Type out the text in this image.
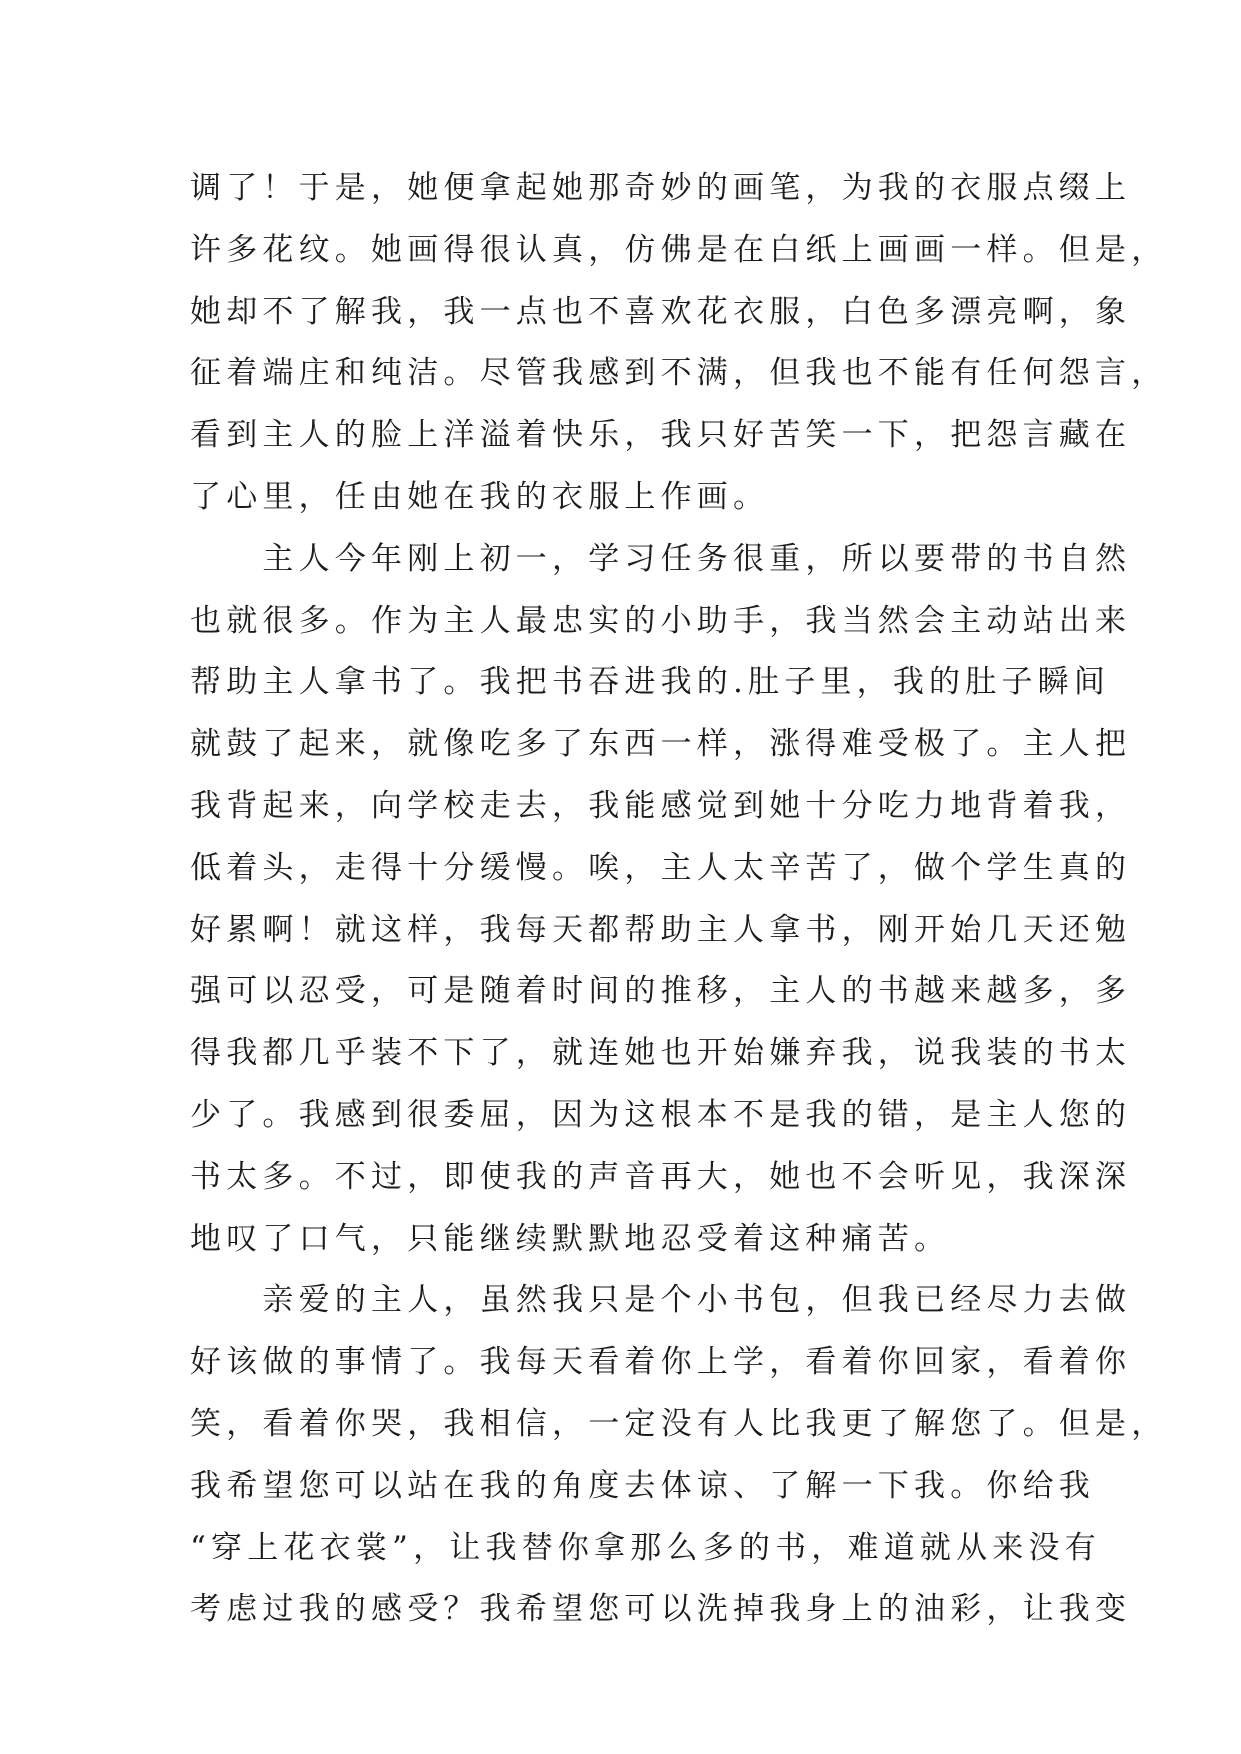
调了！于是，她便拿起她那奇妙的画笔，为我的衣服点缀上
许多花纹。她画得很认真，仿佛是在白纸上画画一样。但是，
她却不了解我，我一点也不喜欢花衣服，白色多漂亮啊，象
征着端庄和纯洁。尽管我感到不满，但我也不能有任何怨言，
看到主人的脸上洋溢着快乐，我只好苦笑一下，把怨言藏在
了心里，任由她在我的衣服上作画。
　　主人今年刚上初一，学习任务很重，所以要带的书自然
也就很多。作为主人最忠实的小助手，我当然会主动站出来
帮助主人拿书了。我把书吞进我的.肚子里，我的肚子瞬间
就鼓了起来，就像吃多了东西一样，涨得难受极了。主人把
我背起来，向学校走去，我能感觉到她十分吃力地背着我，
低着头，走得十分缓慢。唉，主人太辛苦了，做个学生真的
好累啊！就这样，我每天都帮助主人拿书，刚开始几天还勉
强可以忍受，可是随着时间的推移，主人的书越来越多，多
得我都几乎装不下了，就连她也开始嫌弃我，说我装的书太
少了。我感到很委屈，因为这根本不是我的错，是主人您的
书太多。不过，即使我的声音再大，她也不会听见，我深深
地叹了口气，只能继续默默地忍受着这种痛苦。
　　亲爱的主人，虽然我只是个小书包，但我已经尽力去做
好该做的事情了。我每天看着你上学，看着你回家，看着你
笑，看着你哭，我相信，一定没有人比我更了解您了。但是，
我希望您可以站在我的角度去体谅、了解一下我。你给我
“穿上花衣裳”，让我替你拿那么多的书，难道就从来没有
考虑过我的感受？我希望您可以洗掉我身上的油彩，让我变
